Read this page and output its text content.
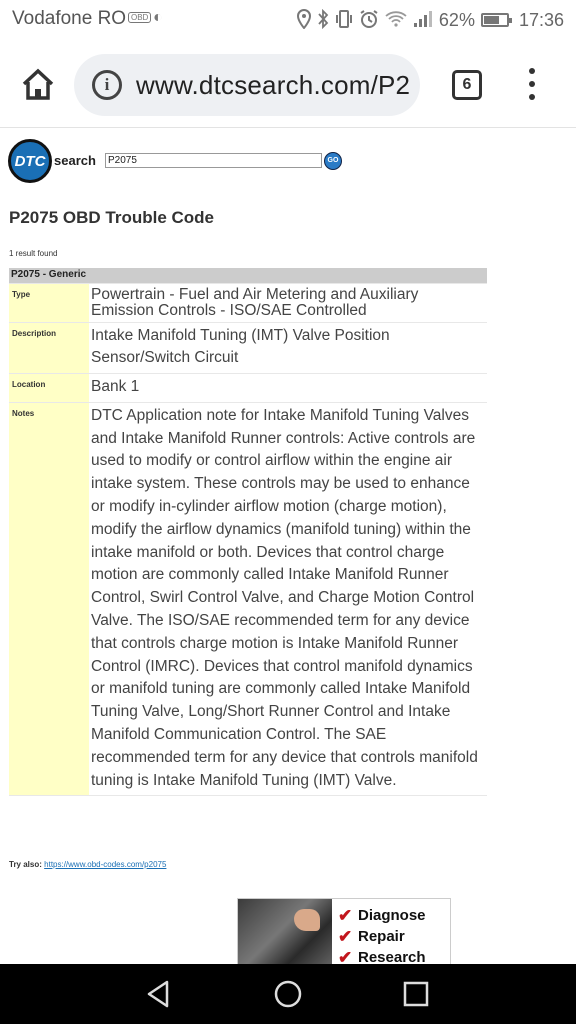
Vodafone RO OBD ◐	62% 17:36
i	www.dtcsearch.com/P2	6
DTC search	P2075	GO
P2075 OBD Trouble Code
1 result found
P2075 - Generic	
Type	Powertrain - Fuel and Air Metering and Auxiliary Emission Controls - ISO/SAE Controlled
Description	Intake Manifold Tuning (IMT) Valve Position Sensor/Switch Circuit
Location	Bank 1
Notes	DTC Application note for Intake Manifold Tuning Valves and Intake Manifold Runner controls: Active controls are used to modify or control airflow within the engine air intake system. These controls may be used to enhance or modify in-cylinder airflow motion (charge motion), modify the airflow dynamics (manifold tuning) within the intake manifold or both. Devices that control charge motion are commonly called Intake Manifold Runner Control, Swirl Control Valve, and Charge Motion Control Valve. The ISO/SAE recommended term for any device that controls charge motion is Intake Manifold Runner Control (IMRC). Devices that control manifold dynamics or manifold tuning are commonly called Intake Manifold Tuning Valve, Long/Short Runner Control and Intake Manifold Communication Control. The SAE recommended term for any device that controls manifold tuning is Intake Manifold Tuning (IMT) Valve.
Try also: https://www.obd-codes.com/p2075
✔ Diagnose
✔ Repair
✔ Research
